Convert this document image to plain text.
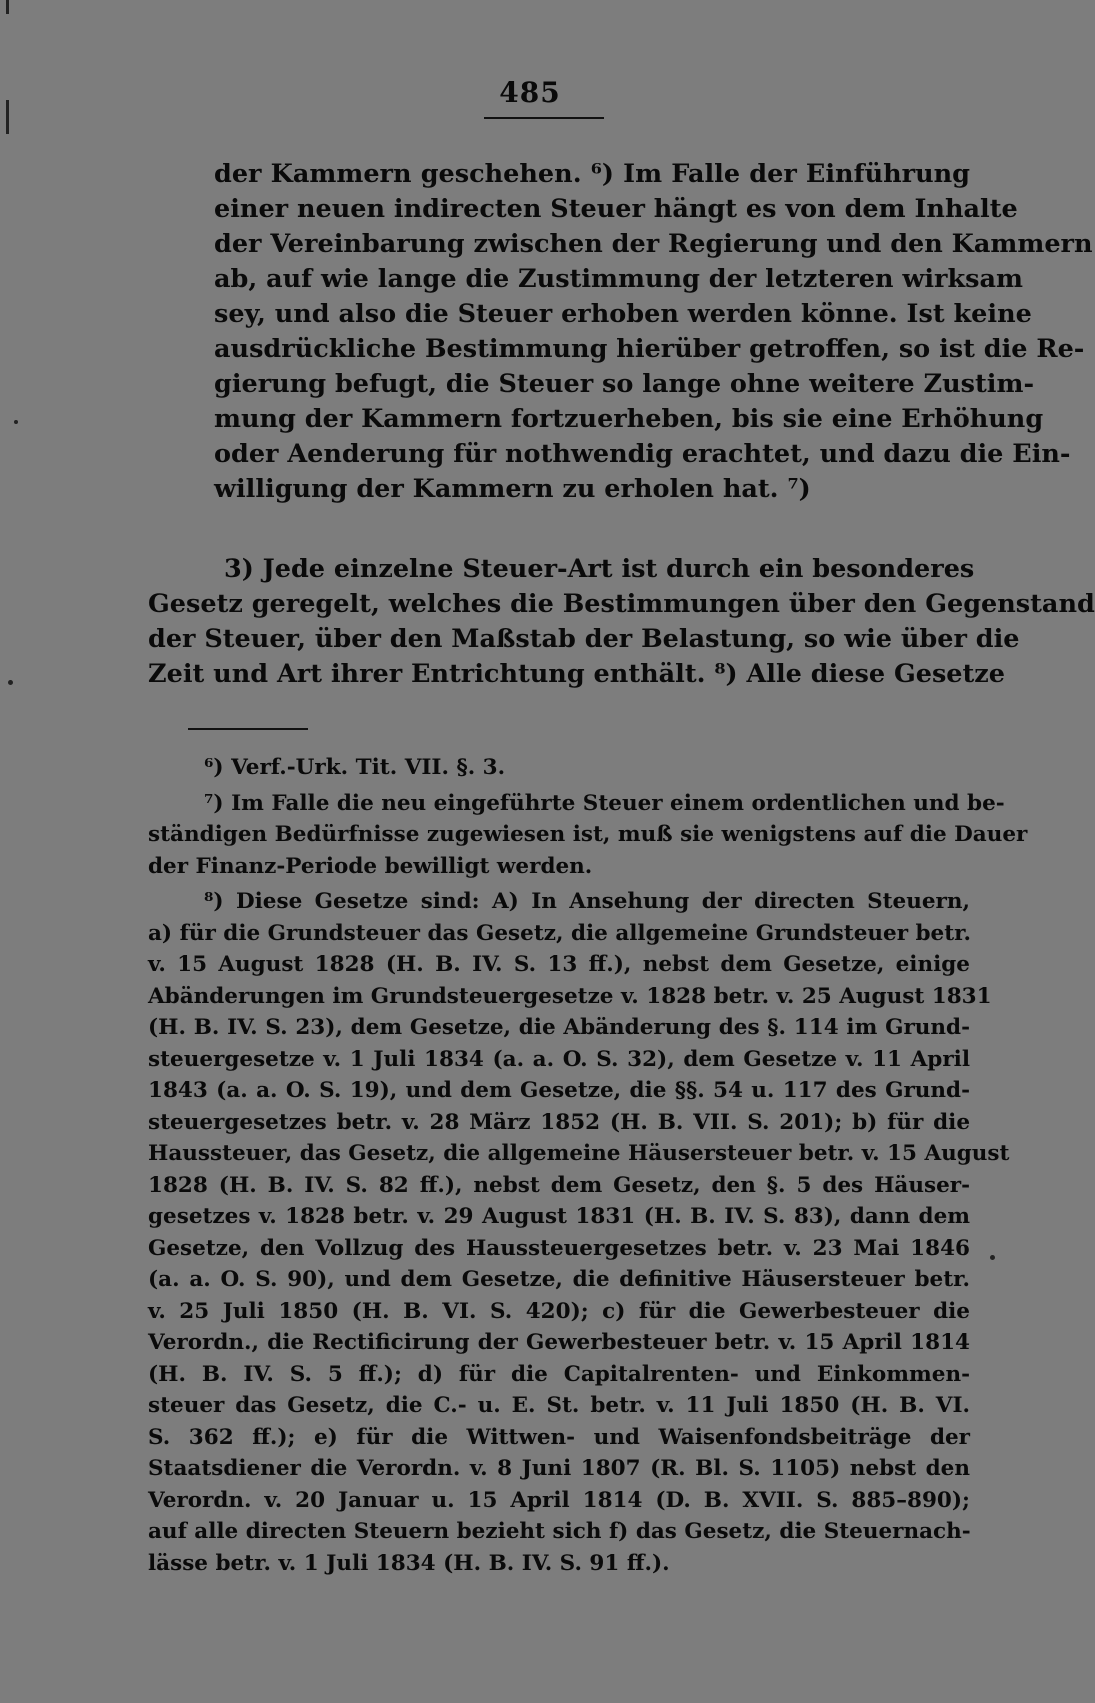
485
der Kammern geschehen. ⁶) Im Falle der Einführung
einer neuen indirecten Steuer hängt es von dem Inhalte
der Vereinbarung zwischen der Regierung und den Kammern
ab, auf wie lange die Zustimmung der letzteren wirksam
sey, und also die Steuer erhoben werden könne. Ist keine
ausdrückliche Bestimmung hierüber getroffen, so ist die Re-
gierung befugt, die Steuer so lange ohne weitere Zustim-
mung der Kammern fortzuerheben, bis sie eine Erhöhung
oder Aenderung für nothwendig erachtet, und dazu die Ein-
willigung der Kammern zu erholen hat. ⁷)
3) Jede einzelne Steuer-Art ist durch ein besonderes
Gesetz geregelt, welches die Bestimmungen über den Gegenstand
der Steuer, über den Maßstab der Belastung, so wie über die
Zeit und Art ihrer Entrichtung enthält. ⁸) Alle diese Gesetze
⁶) Verf.-Urk. Tit. VII. §. 3.
⁷) Im Falle die neu eingeführte Steuer einem ordentlichen und be-
ständigen Bedürfnisse zugewiesen ist, muß sie wenigstens auf die Dauer
der Finanz-Periode bewilligt werden.
⁸) Diese Gesetze sind: A) In Ansehung der directen Steuern,
a) für die Grundsteuer das Gesetz, die allgemeine Grundsteuer betr.
v. 15 August 1828 (H. B. IV. S. 13 ff.), nebst dem Gesetze, einige
Abänderungen im Grundsteuergesetze v. 1828 betr. v. 25 August 1831
(H. B. IV. S. 23), dem Gesetze, die Abänderung des §. 114 im Grund-
steuergesetze v. 1 Juli 1834 (a. a. O. S. 32), dem Gesetze v. 11 April
1843 (a. a. O. S. 19), und dem Gesetze, die §§. 54 u. 117 des Grund-
steuergesetzes betr. v. 28 März 1852 (H. B. VII. S. 201); b) für die
Haussteuer, das Gesetz, die allgemeine Häusersteuer betr. v. 15 August
1828 (H. B. IV. S. 82 ff.), nebst dem Gesetz, den §. 5 des Häuser-
gesetzes v. 1828 betr. v. 29 August 1831 (H. B. IV. S. 83), dann dem
Gesetze, den Vollzug des Haussteuergesetzes betr. v. 23 Mai 1846
(a. a. O. S. 90), und dem Gesetze, die definitive Häusersteuer betr.
v. 25 Juli 1850 (H. B. VI. S. 420); c) für die Gewerbesteuer die
Verordn., die Rectificirung der Gewerbesteuer betr. v. 15 April 1814
(H. B. IV. S. 5 ff.); d) für die Capitalrenten- und Einkommen-
steuer das Gesetz, die C.- u. E. St. betr. v. 11 Juli 1850 (H. B. VI.
S. 362 ff.); e) für die Wittwen- und Waisenfondsbeiträge der
Staatsdiener die Verordn. v. 8 Juni 1807 (R. Bl. S. 1105) nebst den
Verordn. v. 20 Januar u. 15 April 1814 (D. B. XVII. S. 885–890);
auf alle directen Steuern bezieht sich f) das Gesetz, die Steuernach-
lässe betr. v. 1 Juli 1834 (H. B. IV. S. 91 ff.).
